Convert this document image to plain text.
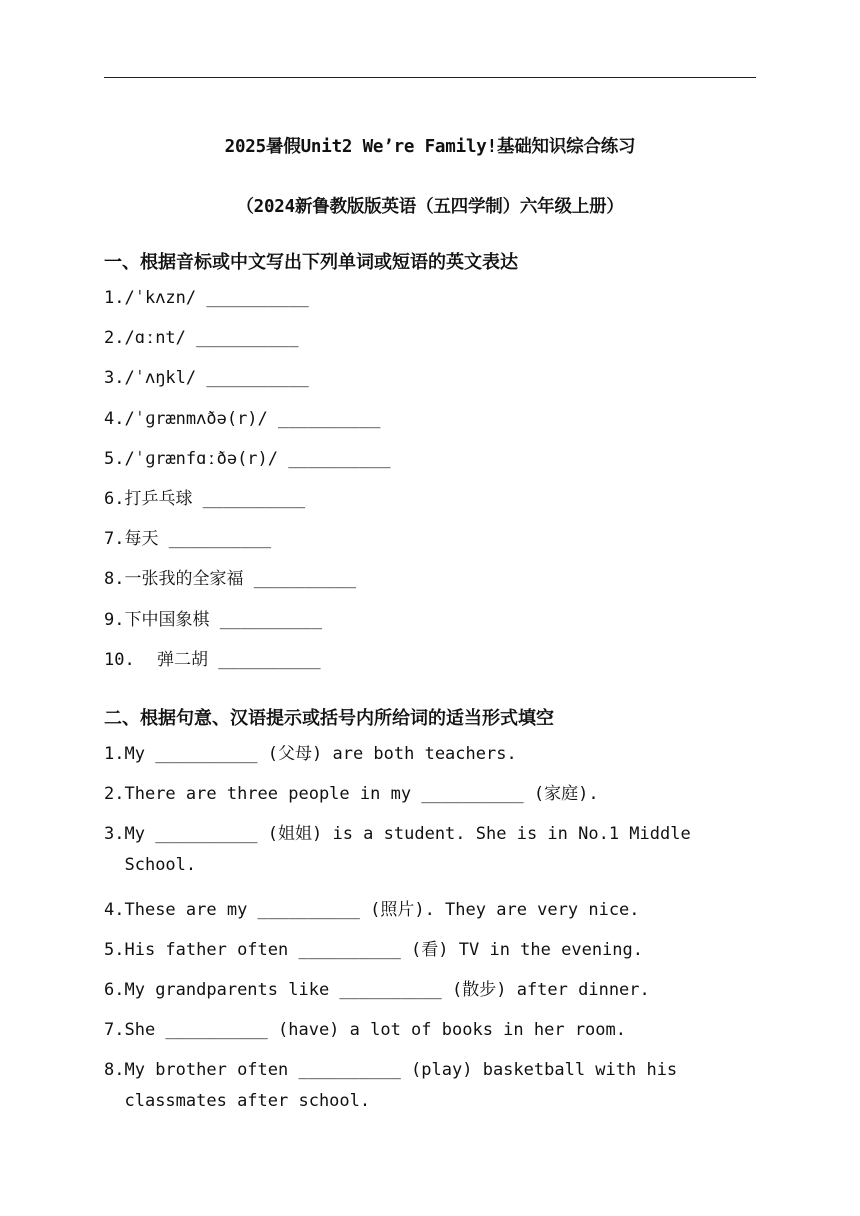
2025暑假Unit2 We’re Family!基础知识综合练习
（2024新鲁教版版英语（五四学制）六年级上册）
一、根据音标或中文写出下列单词或短语的英文表达
1. /ˈkʌzn/ __________
2. /ɑːnt/ __________
3. /ˈʌŋkl/ __________
4. /ˈɡrænmʌðə(r)/ __________
5. /ˈɡrænfɑːðə(r)/ __________
6. 打乒乓球 __________
7. 每天 __________
8. 一张我的全家福 __________
9. 下中国象棋 __________
10.	弹二胡 __________
二、根据句意、汉语提示或括号内所给词的适当形式填空
1. My __________ (父母) are both teachers.
2. There are three people in my __________ (家庭).
3. My __________ (姐姐) is a student. She is in No.1 Middle School.
4. These are my __________ (照片). They are very nice.
5. His father often __________ (看) TV in the evening.
6. My grandparents like __________ (散步) after dinner.
7. She __________ (have) a lot of books in her room.
8. My brother often __________ (play) basketball with his classmates after school.
